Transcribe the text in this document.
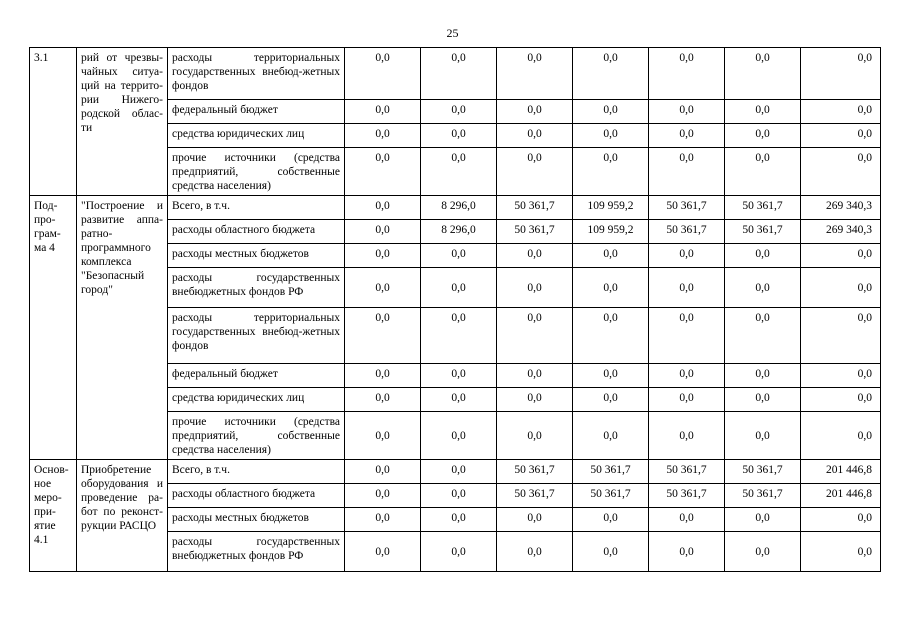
25
3.1	рий от чрезвы-чайных ситуа-ций на террито-рии Нижего-родской облас-ти	расходы территориальных государственных внебюд-жетных фондов	0,0	0,0	0,0	0,0	0,0	0,0	0,0
		федеральный бюджет	0,0	0,0	0,0	0,0	0,0	0,0	0,0
		средства юридических лиц	0,0	0,0	0,0	0,0	0,0	0,0	0,0
		прочие источники (средства предприятий, собственные средства населения)	0,0	0,0	0,0	0,0	0,0	0,0	0,0
Под-про-грам-ма 4	"Построение и развитие аппа-ратно-программного комплекса "Безопасный город"	Всего, в т.ч.	0,0	8 296,0	50 361,7	109 959,2	50 361,7	50 361,7	269 340,3
		расходы областного бюджета	0,0	8 296,0	50 361,7	109 959,2	50 361,7	50 361,7	269 340,3
		расходы местных бюджетов	0,0	0,0	0,0	0,0	0,0	0,0	0,0
		расходы государственных внебюджетных фондов РФ	0,0	0,0	0,0	0,0	0,0	0,0	0,0
		расходы территориальных государственных внебюд-жетных фондов	0,0	0,0	0,0	0,0	0,0	0,0	0,0
		федеральный бюджет	0,0	0,0	0,0	0,0	0,0	0,0	0,0
		средства юридических лиц	0,0	0,0	0,0	0,0	0,0	0,0	0,0
		прочие источники (средства предприятий, собственные средства населения)	0,0	0,0	0,0	0,0	0,0	0,0	0,0
Основ-ное меро-при-ятие 4.1	Приобретение оборудования и проведение ра-бот по реконст-рукции РАСЦО	Всего, в т.ч.	0,0	0,0	50 361,7	50 361,7	50 361,7	50 361,7	201 446,8
		расходы областного бюджета	0,0	0,0	50 361,7	50 361,7	50 361,7	50 361,7	201 446,8
		расходы местных бюджетов	0,0	0,0	0,0	0,0	0,0	0,0	0,0
		расходы государственных внебюджетных фондов РФ	0,0	0,0	0,0	0,0	0,0	0,0	0,0
